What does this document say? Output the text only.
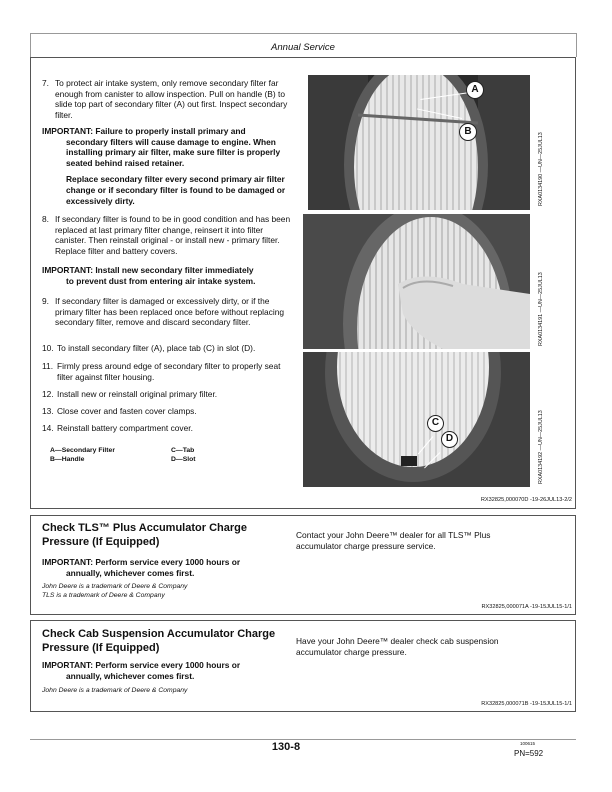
Annual Service
7. To protect air intake system, only remove secondary filter far enough from canister to allow inspection. Pull on handle (B) to slide top part of secondary filter (A) out first. Inspect secondary filter.
IMPORTANT: Failure to properly install primary and
secondary filters will cause damage to engine. When installing primary air filter, make sure filter is properly seated behind raised retainer.
Replace secondary filter every second primary air filter change or if secondary filter is found to be damaged or excessively dirty.
8. If secondary filter is found to be in good condition and has been replaced at last primary filter change, reinsert it into filter canister. Then reinstall original - or install new - primary filter. Replace filter and battery covers.
IMPORTANT: Install new secondary filter immediately
to prevent dust from entering air intake system.
9. If secondary filter is damaged or excessively dirty, or if the primary filter has been replaced once before without replacing secondary filter, remove and discard secondary filter.
10. To install secondary filter (A), place tab (C) in slot (D).
11. Firmly press around edge of secondary filter to properly seat filter against filter housing.
12. Install new or reinstall original primary filter.
13. Close cover and fasten cover clamps.
14. Reinstall battery compartment cover.
A—Secondary Filter
B—Handle
C—Tab
D—Slot
RXA0134190 —UN—25JUL13
A
B
RXA0134191 —UN—25JUL13
RXA0134192 —UN—25JUL13
C
D
RX32825,000070D -19-26JUL13-2/2
Check TLS™ Plus Accumulator Charge Pressure (If Equipped)
IMPORTANT: Perform service every 1000 hours or
annually, whichever comes first.
John Deere is a trademark of Deere & Company
TLS is a trademark of Deere & Company
Contact your John Deere™ dealer for all TLS™ Plus accumulator charge pressure service.
RX32825,000071A -19-15JUL15-1/1
Check Cab Suspension Accumulator Charge Pressure (If Equipped)
IMPORTANT: Perform service every 1000 hours or
annually, whichever comes first.
John Deere is a trademark of Deere & Company
Have your John Deere™ dealer check cab suspension accumulator charge pressure.
RX32825,000071B -19-15JUL15-1/1
130-8	100615
PN=592
